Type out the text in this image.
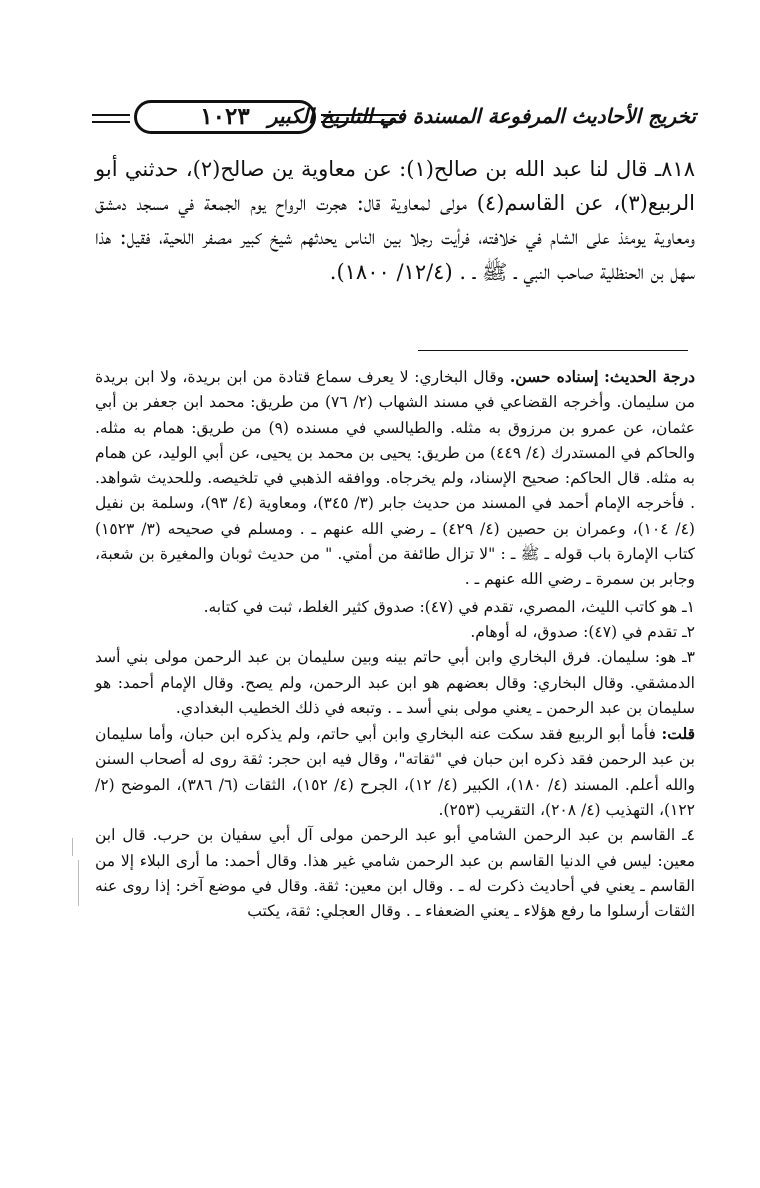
١٠٢٣ تخريج الأحاديث المرفوعة المسندة في التاريخ الكبير

٨١٨ـ قال لنا عبد الله بن صالح(١): عن معاوية ين صالح(٢)، حدثني أبو الربيع(٣)، عن القاسم(٤) مولى لمعاوية قال: هجرت الرواح يوم الجمعة في مسجد دمشق ومعاوية يومئذ على الشام في خلافته، فرأيت رجلا بين الناس يحدثهم شيخ كبير مصفر اللحية، فقيل: هذا سهل بن الحنظلية صاحب النبي ـ ﷺ ـ . (١٢/٤/ ١٨٠٠).

درجة الحديث: إسناده حسن. وقال البخاري: لا يعرف سماع قتادة من ابن بريدة، ولا ابن بريدة من سليمان. وأخرجه القضاعي في مسند الشهاب (٢/ ٧٦) من طريق: محمد ابن جعفر بن أبي عثمان، عن عمرو بن مرزوق به مثله. والطيالسي في مسنده (٩) من طريق: همام به مثله. والحاكم في المستدرك (٤/ ٤٤٩) من طريق: يحيى بن محمد بن يحيى، عن أبي الوليد، عن همام به مثله. قال الحاكم: صحيح الإسناد، ولم يخرجاه. ووافقه الذهبي في تلخيصه. وللحديث شواهد. . فأخرجه الإمام أحمد في المسند من حديث جابر (٣/ ٣٤٥)، ومعاوية (٤/ ٩٣)، وسلمة بن نفيل (٤/ ١٠٤)، وعمران بن حصين (٤/ ٤٢٩) ـ رضي الله عنهم ـ . ومسلم في صحيحه (٣/ ١٥٢٣) كتاب الإمارة باب قوله ـ ﷺ ـ : "لا تزال طائفة من أمتي. " من حديث ثوبان والمغيرة بن شعبة، وجابر بن سمرة ـ رضي الله عنهم ـ .

١ـ هو كاتب الليث، المصري، تقدم في (٤٧): صدوق كثير الغلط، ثبت في كتابه.

٢ـ تقدم في (٤٧): صدوق، له أوهام.

٣ـ هو: سليمان. فرق البخاري وابن أبي حاتم بينه وبين سليمان بن عبد الرحمن مولى بني أسد الدمشقي. وقال البخاري: وقال بعضهم هو ابن عبد الرحمن، ولم يصح. وقال الإمام أحمد: هو سليمان بن عبد الرحمن ـ يعني مولى بني أسد ـ . وتبعه في ذلك الخطيب البغدادي.

قلت: فأما أبو الربيع فقد سكت عنه البخاري وابن أبي حاتم، ولم يذكره ابن حبان، وأما سليمان بن عبد الرحمن فقد ذكره ابن حبان في "ثقاته"، وقال فيه ابن حجر: ثقة روى له أصحاب السنن والله أعلم. المسند (٤/ ١٨٠)، الكبير (٤/ ١٢)، الجرح (٤/ ١٥٢)، الثقات (٦/ ٣٨٦)، الموضح (٢/ ١٢٢)، التهذيب (٤/ ٢٠٨)، التقريب (٢٥٣).

٤ـ القاسم بن عبد الرحمن الشامي أبو عبد الرحمن مولى آل أبي سفيان بن حرب. قال ابن معين: ليس في الدنيا القاسم بن عبد الرحمن شامي غير هذا. وقال أحمد: ما أرى البلاء إلا من القاسم ـ يعني في أحاديث ذكرت له ـ . وقال ابن معين: ثقة. وقال في موضع آخر: إذا روى عنه الثقات أرسلوا ما رفع هؤلاء ـ يعني الضعفاء ـ . وقال العجلي: ثقة، يكتب
